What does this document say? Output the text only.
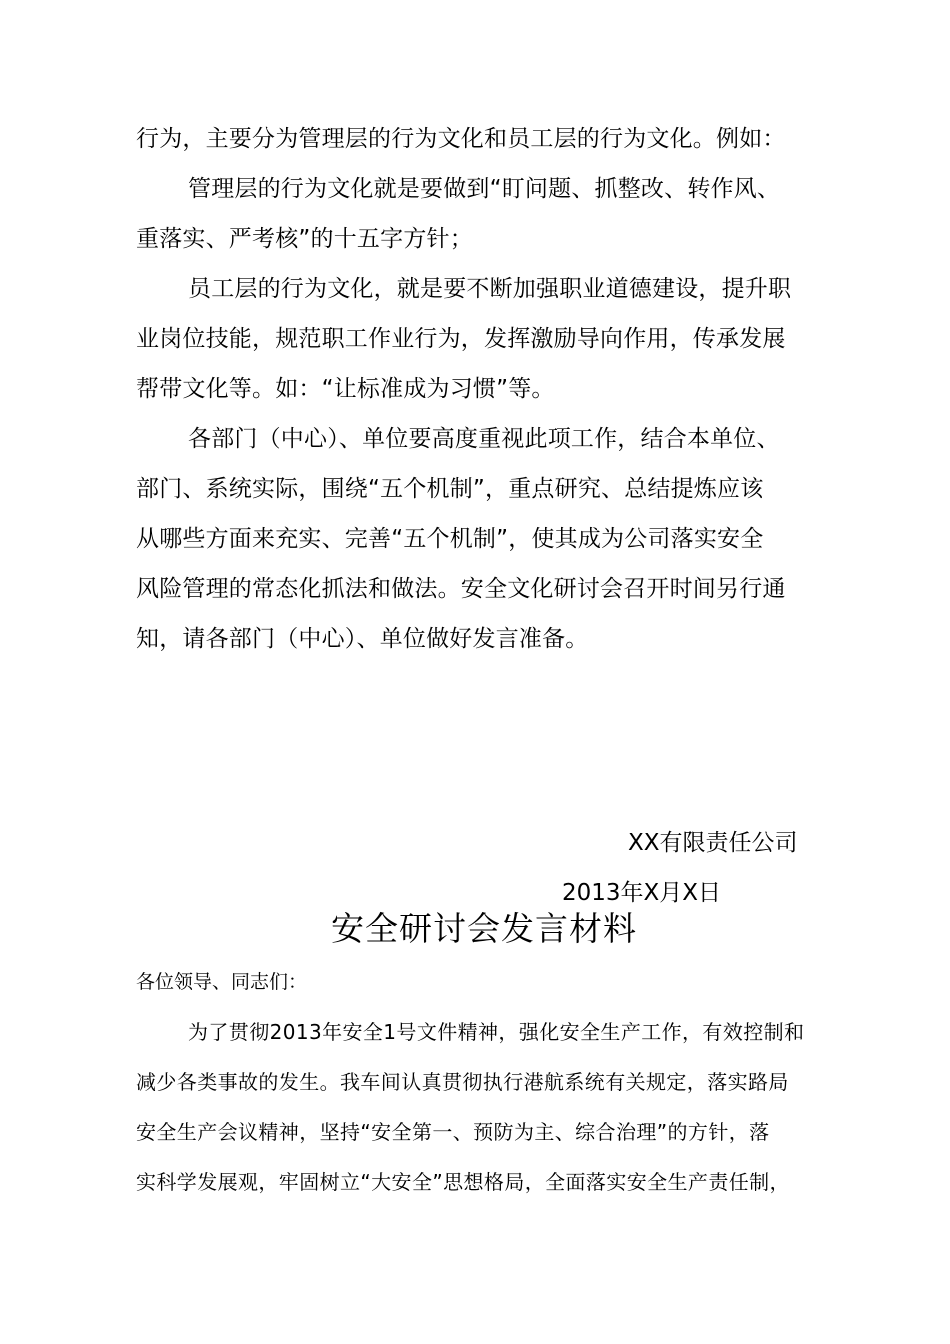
行为，主要分为管理层的行为文化和员工层的行为文化。例如：
管理层的行为文化就是要做到“盯问题、抓整改、转作风、
重落实、严考核”的十五字方针；
员工层的行为文化，就是要不断加强职业道德建设，提升职
业岗位技能，规范职工作业行为，发挥激励导向作用，传承发展
帮带文化等。如：“让标准成为习惯”等。
各部门（中心）、单位要高度重视此项工作，结合本单位、
部门、系统实际，围绕“五个机制”，重点研究、总结提炼应该
从哪些方面来充实、完善“五个机制”，使其成为公司落实安全
风险管理的常态化抓法和做法。安全文化研讨会召开时间另行通
知，请各部门（中心）、单位做好发言准备。
XX有限责任公司
2013年X月X日
安全研讨会发言材料
各位领导、同志们：
为了贯彻2013年安全1号文件精神，强化安全生产工作，有效控制和
减少各类事故的发生。我车间认真贯彻执行港航系统有关规定，落实路局
安全生产会议精神，坚持“安全第一、预防为主、综合治理”的方针，落
实科学发展观，牢固树立“大安全”思想格局，全面落实安全生产责任制，
